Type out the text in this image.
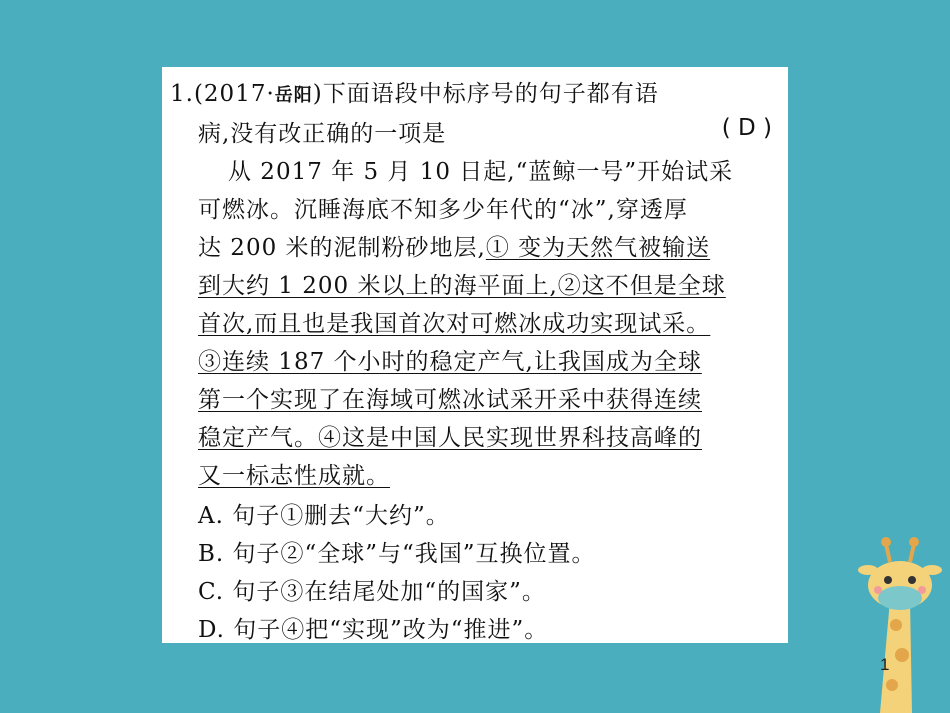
1.(2017·岳阳)下面语段中标序号的句子都有语
病,没有改正确的一项是	( D )
从 2017 年 5 月 10 日起,“蓝鲸一号”开始试采
可燃冰。沉睡海底不知多少年代的“冰”,穿透厚
达 200 米的泥制粉砂地层,① 变为天然气被输送
到大约 1 200 米以上的海平面上,②这不但是全球
首次,而且也是我国首次对可燃冰成功实现试采。
③连续 187 个小时的稳定产气,让我国成为全球
第一个实现了在海域可燃冰试采开采中获得连续
稳定产气。④这是中国人民实现世界科技高峰的
又一标志性成就。
A. 句子①删去“大约”。
B. 句子②“全球”与“我国”互换位置。
C. 句子③在结尾处加“的国家”。
D. 句子④把“实现”改为“推进”。
1
